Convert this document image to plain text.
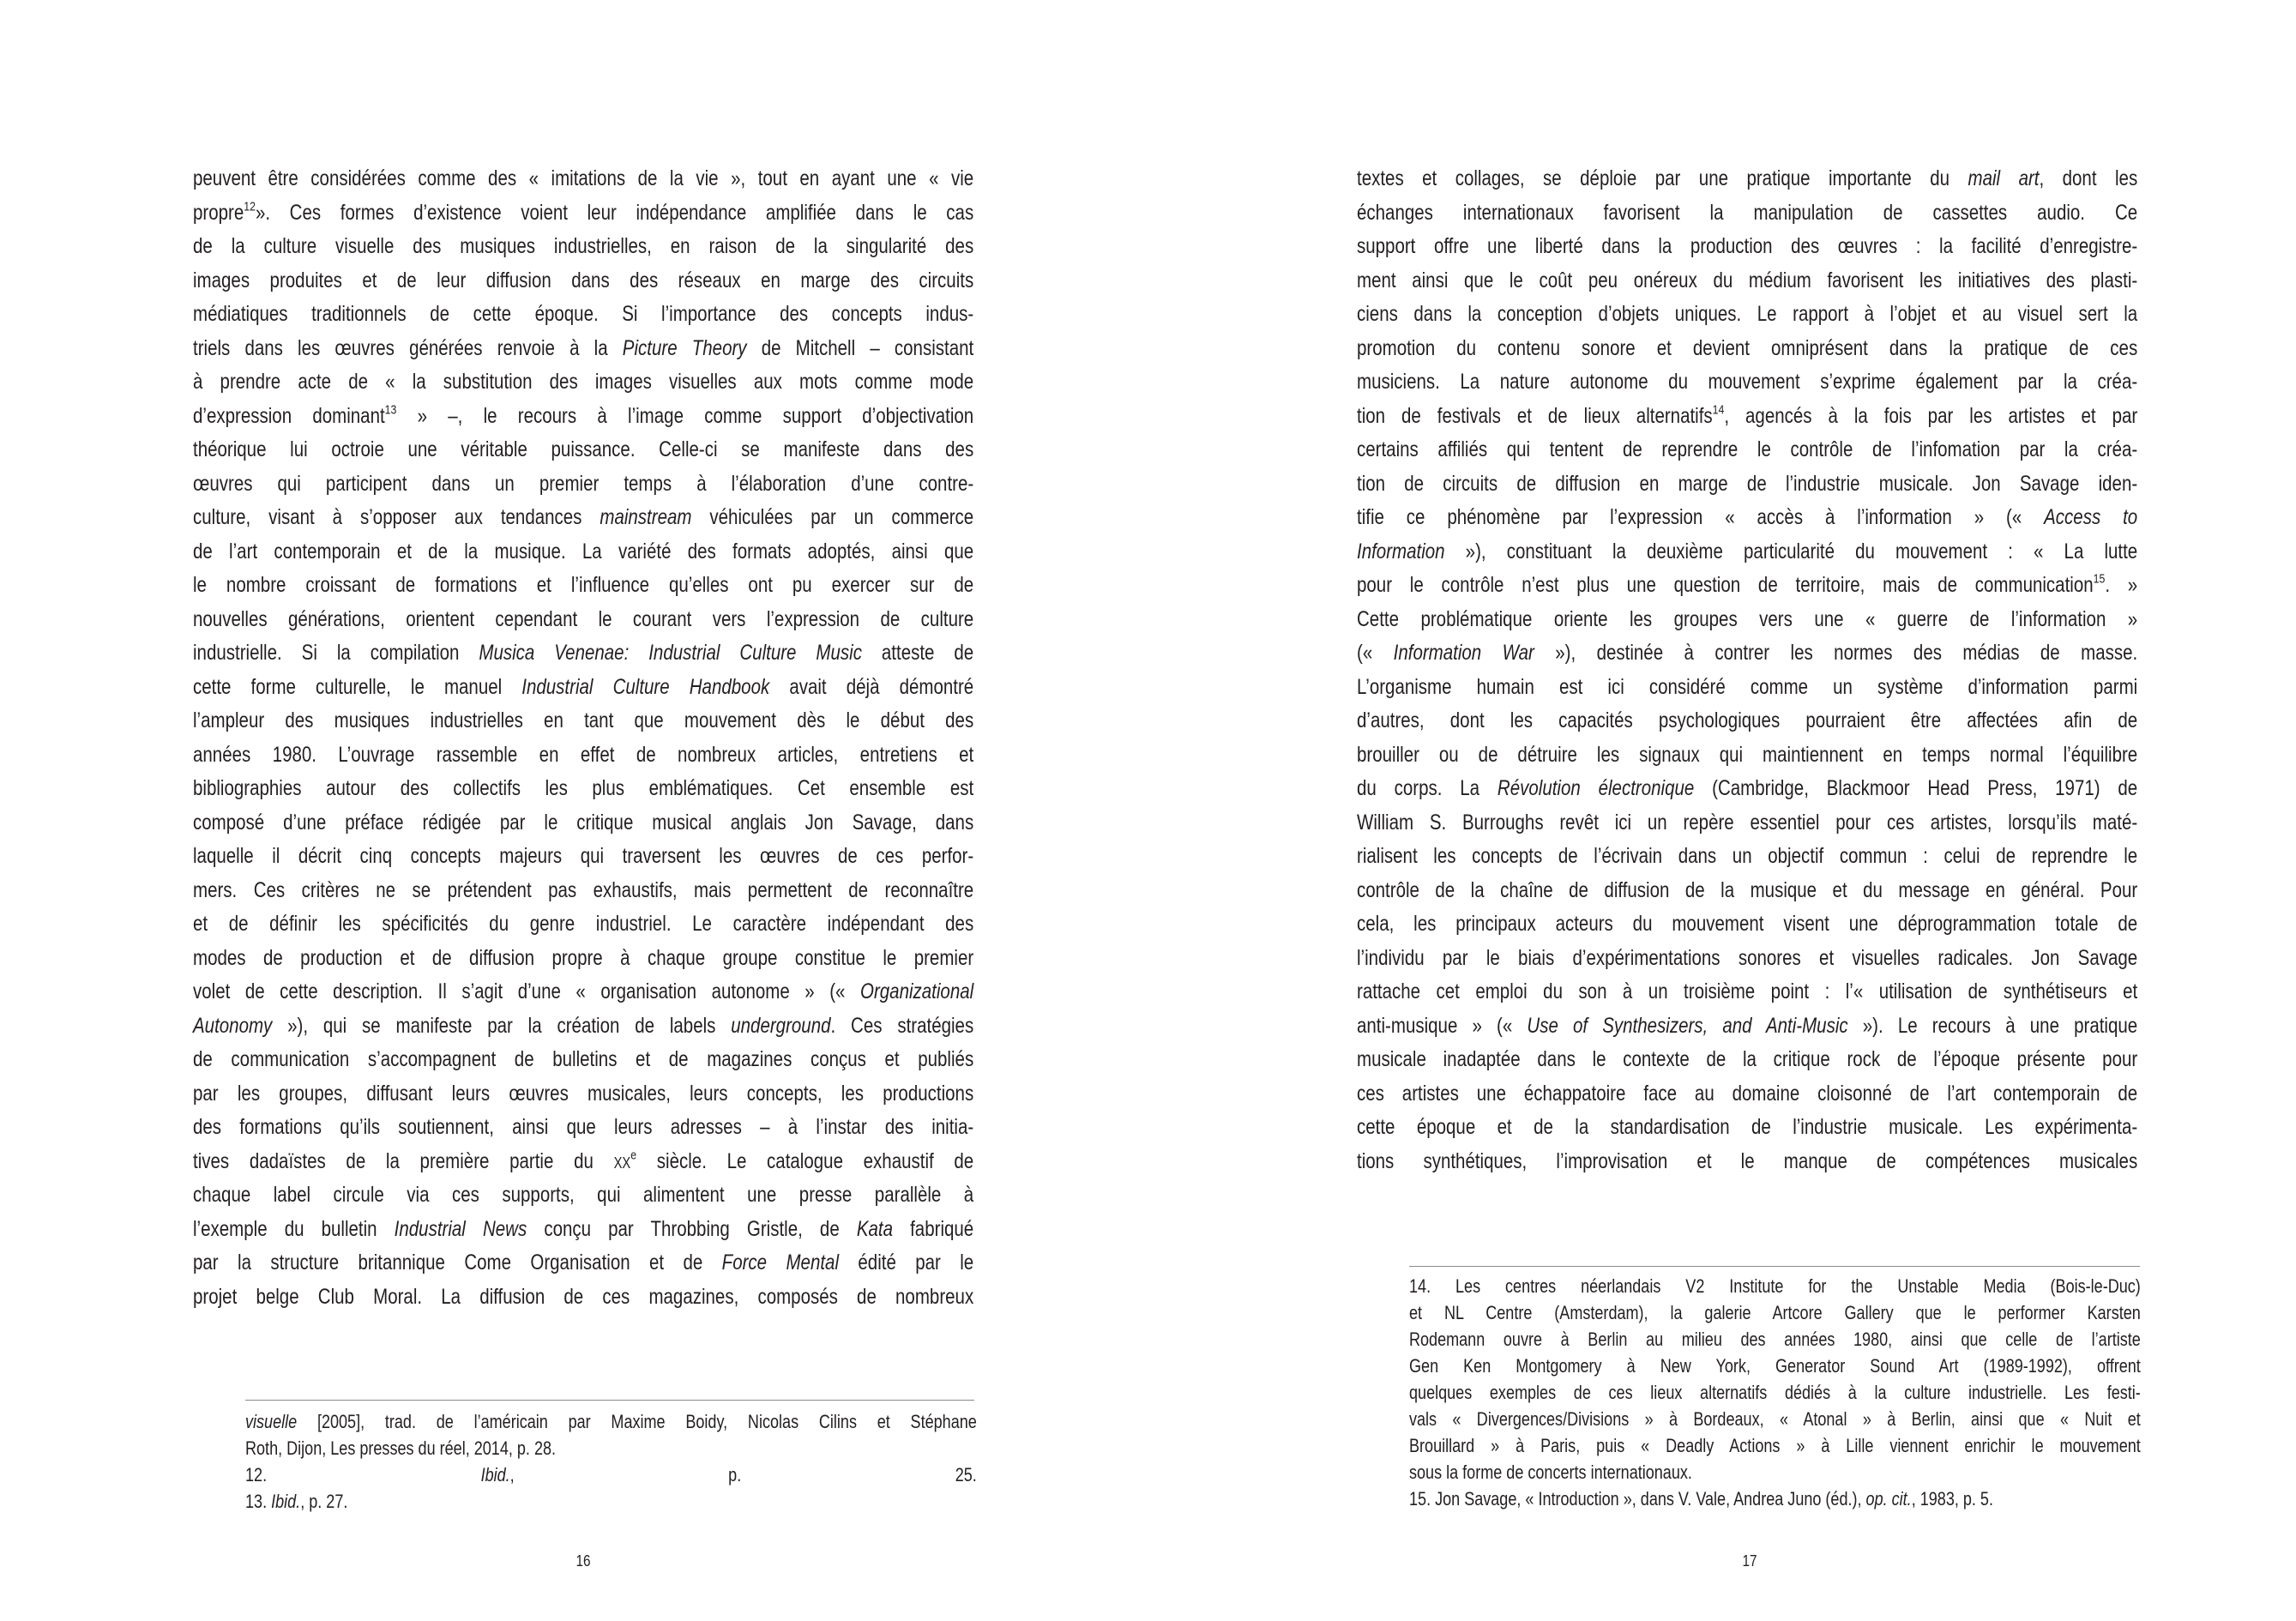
peuvent être considérées comme des « imitations de la vie », tout en ayant une « vie
propre$^{12}$». Ces formes d’existence voient leur indépendance amplifiée dans le cas
de la culture visuelle des musiques industrielles, en raison de la singularité des
images produites et de leur diffusion dans des réseaux en marge des circuits
médiatiques traditionnels de cette époque. Si l’importance des concepts indus-
triels dans les œuvres générées renvoie à la Picture Theory de Mitchell – consistant
à prendre acte de « la substitution des images visuelles aux mots comme mode
d’expression dominant$^{13}$ » –, le recours à l’image comme support d’objectivation
théorique lui octroie une véritable puissance. Celle-ci se manifeste dans des
œuvres qui participent dans un premier temps à l’élaboration d’une contre-
culture, visant à s’opposer aux tendances mainstream véhiculées par un commerce
de l’art contemporain et de la musique. La variété des formats adoptés, ainsi que
le nombre croissant de formations et l’influence qu’elles ont pu exercer sur de
nouvelles générations, orientent cependant le courant vers l’expression de culture
industrielle. Si la compilation Musica Venenae: Industrial Culture Music atteste de
cette forme culturelle, le manuel Industrial Culture Handbook avait déjà démontré
l’ampleur des musiques industrielles en tant que mouvement dès le début des
années 1980. L’ouvrage rassemble en effet de nombreux articles, entretiens et
bibliographies autour des collectifs les plus emblématiques. Cet ensemble est
composé d’une préface rédigée par le critique musical anglais Jon Savage, dans
laquelle il décrit cinq concepts majeurs qui traversent les œuvres de ces perfor-
mers. Ces critères ne se prétendent pas exhaustifs, mais permettent de reconnaître
et de définir les spécificités du genre industriel. Le caractère indépendant des
modes de production et de diffusion propre à chaque groupe constitue le premier
volet de cette description. Il s’agit d’une « organisation autonome » (« Organizational
Autonomy »), qui se manifeste par la création de labels underground. Ces stratégies
de communication s’accompagnent de bulletins et de magazines conçus et publiés
par les groupes, diffusant leurs œuvres musicales, leurs concepts, les productions
des formations qu’ils soutiennent, ainsi que leurs adresses – à l’instar des initia-
tives dadaïstes de la première partie du $xx^e$ siècle. Le catalogue exhaustif de
chaque label circule via ces supports, qui alimentent une presse parallèle à
l’exemple du bulletin Industrial News conçu par Throbbing Gristle, de Kata fabriqué
par la structure britannique Come Organisation et de Force Mental édité par le
projet belge Club Moral. La diffusion de ces magazines, composés de nombreux
visuelle [2005], trad. de l’américain par Maxime Boidy, Nicolas Cilins et Stéphane
Roth, Dijon, Les presses du réel, 2014, p. 28.
12. Ibid., p. 25.
13. Ibid., p. 27.
16
textes et collages, se déploie par une pratique importante du mail art, dont les
échanges internationaux favorisent la manipulation de cassettes audio. Ce
support offre une liberté dans la production des œuvres : la facilité d’enregistre-
ment ainsi que le coût peu onéreux du médium favorisent les initiatives des plasti-
ciens dans la conception d’objets uniques. Le rapport à l’objet et au visuel sert la
promotion du contenu sonore et devient omniprésent dans la pratique de ces
musiciens. La nature autonome du mouvement s’exprime également par la créa-
tion de festivals et de lieux alternatifs$^{14}$, agencés à la fois par les artistes et par
certains affiliés qui tentent de reprendre le contrôle de l’infomation par la créa-
tion de circuits de diffusion en marge de l’industrie musicale. Jon Savage iden-
tifie ce phénomène par l’expression « accès à l’information » (« Access to
Information »), constituant la deuxième particularité du mouvement : « La lutte
pour le contrôle n’est plus une question de territoire, mais de communication$^{15}$. »
Cette problématique oriente les groupes vers une « guerre de l’information »
(« Information War »), destinée à contrer les normes des médias de masse.
L’organisme humain est ici considéré comme un système d’information parmi
d’autres, dont les capacités psychologiques pourraient être affectées afin de
brouiller ou de détruire les signaux qui maintiennent en temps normal l’équilibre
du corps. La Révolution électronique (Cambridge, Blackmoor Head Press, 1971) de
William S. Burroughs revêt ici un repère essentiel pour ces artistes, lorsqu’ils maté-
rialisent les concepts de l’écrivain dans un objectif commun : celui de reprendre le
contrôle de la chaîne de diffusion de la musique et du message en général. Pour
cela, les principaux acteurs du mouvement visent une déprogrammation totale de
l’individu par le biais d’expérimentations sonores et visuelles radicales. Jon Savage
rattache cet emploi du son à un troisième point : l’« utilisation de synthétiseurs et
anti-musique » (« Use of Synthesizers, and Anti-Music »). Le recours à une pratique
musicale inadaptée dans le contexte de la critique rock de l’époque présente pour
ces artistes une échappatoire face au domaine cloisonné de l’art contemporain de
cette époque et de la standardisation de l’industrie musicale. Les expérimenta-
tions synthétiques, l’improvisation et le manque de compétences musicales
14. Les centres néerlandais V2 Institute for the Unstable Media (Bois-le-Duc)
et NL Centre (Amsterdam), la galerie Artcore Gallery que le performer Karsten
Rodemann ouvre à Berlin au milieu des années 1980, ainsi que celle de l’artiste
Gen Ken Montgomery à New York, Generator Sound Art (1989-1992), offrent
quelques exemples de ces lieux alternatifs dédiés à la culture industrielle. Les festi-
vals « Divergences/Divisions » à Bordeaux, « Atonal » à Berlin, ainsi que « Nuit et
Brouillard » à Paris, puis « Deadly Actions » à Lille viennent enrichir le mouvement
sous la forme de concerts internationaux.
15. Jon Savage, « Introduction », dans V. Vale, Andrea Juno (éd.), op. cit., 1983, p. 5.
17
